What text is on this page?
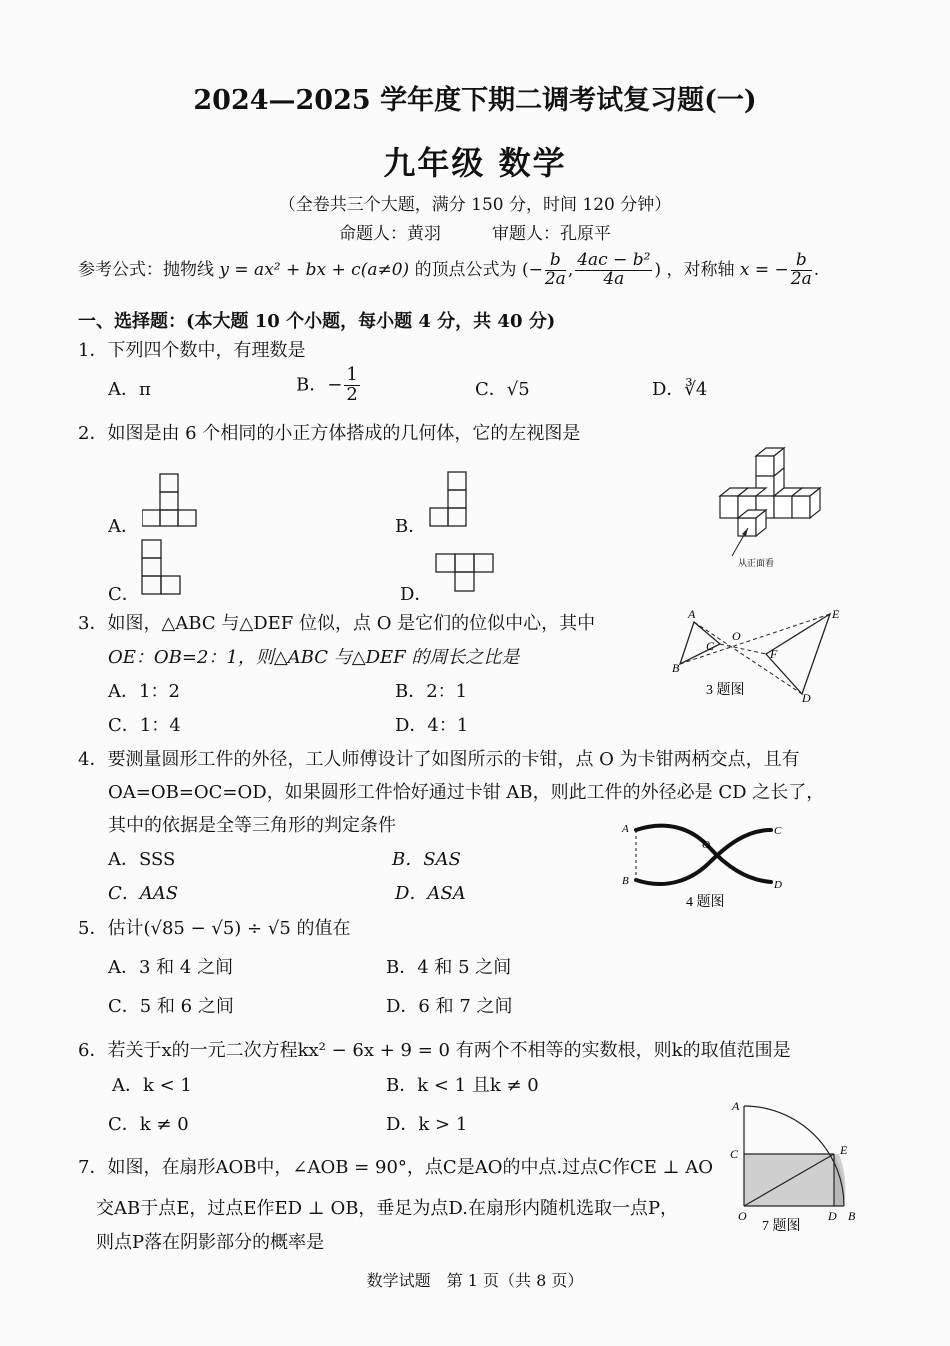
2024—2025 学年度下期二调考试复习题(一)
九年级 数学
（全卷共三个大题，满分 150 分，时间 120 分钟）
命题人：黄羽　　　审题人：孔原平
参考公式：抛物线 y = ax² + bx + c(a≠0) 的顶点公式为 (− $\frac{b}{2a}$ , $\frac{\text{4ac − b²}}{4a}$ ) ，对称轴 x = − $\frac{b}{2a}$ .
一、选择题：(本大题 10 个小题，每小题 4 分，共 40 分)
1．下列四个数中，有理数是
A．π	B．− $\frac{1}{2}$	C．√5	D．∛4
2．如图是由 6 个相同的小正方体搭成的几何体，它的左视图是
A．	B．
C．	D．
从正面看
3．如图，△ABC 与△DEF 位似，点 O 是它们的位似中心，其中
OE：OB=2：1，则△ABC 与△DEF 的周长之比是
A．1：2	B．2：1
C．1：4	D．4：1
A
B
C
O
E
F
D
3 题图
4．要测量圆形工件的外径，工人师傅设计了如图所示的卡钳，点 O 为卡钳两柄交点，且有
OA=OB=OC=OD，如果圆形工件恰好通过卡钳 AB，则此工件的外径必是 CD 之长了，
其中的依据是全等三角形的判定条件
A．SSS	B．SAS
C．AAS	D．ASA
A
B
O
C
D
4 题图
5．估计(√85 − √5) ÷ √5 的值在
A．3 和 4 之间	B．4 和 5 之间
C．5 和 6 之间	D．6 和 7 之间
6．若关于x的一元二次方程kx² − 6x + 9 = 0 有两个不相等的实数根，则k的取值范围是
A．k < 1	B．k < 1 且k ≠ 0
C．k ≠ 0	D．k > 1
7．如图，在扇形AOB中，∠AOB = 90°，点C是AO的中点.过点C作CE ⊥ AO
交AB于点E，过点E作ED ⊥ OB，垂足为点D.在扇形内随机选取一点P，
则点P落在阴影部分的概率是
A
C
O
E
D B
7 题图
数学试题　第 1 页（共 8 页）
